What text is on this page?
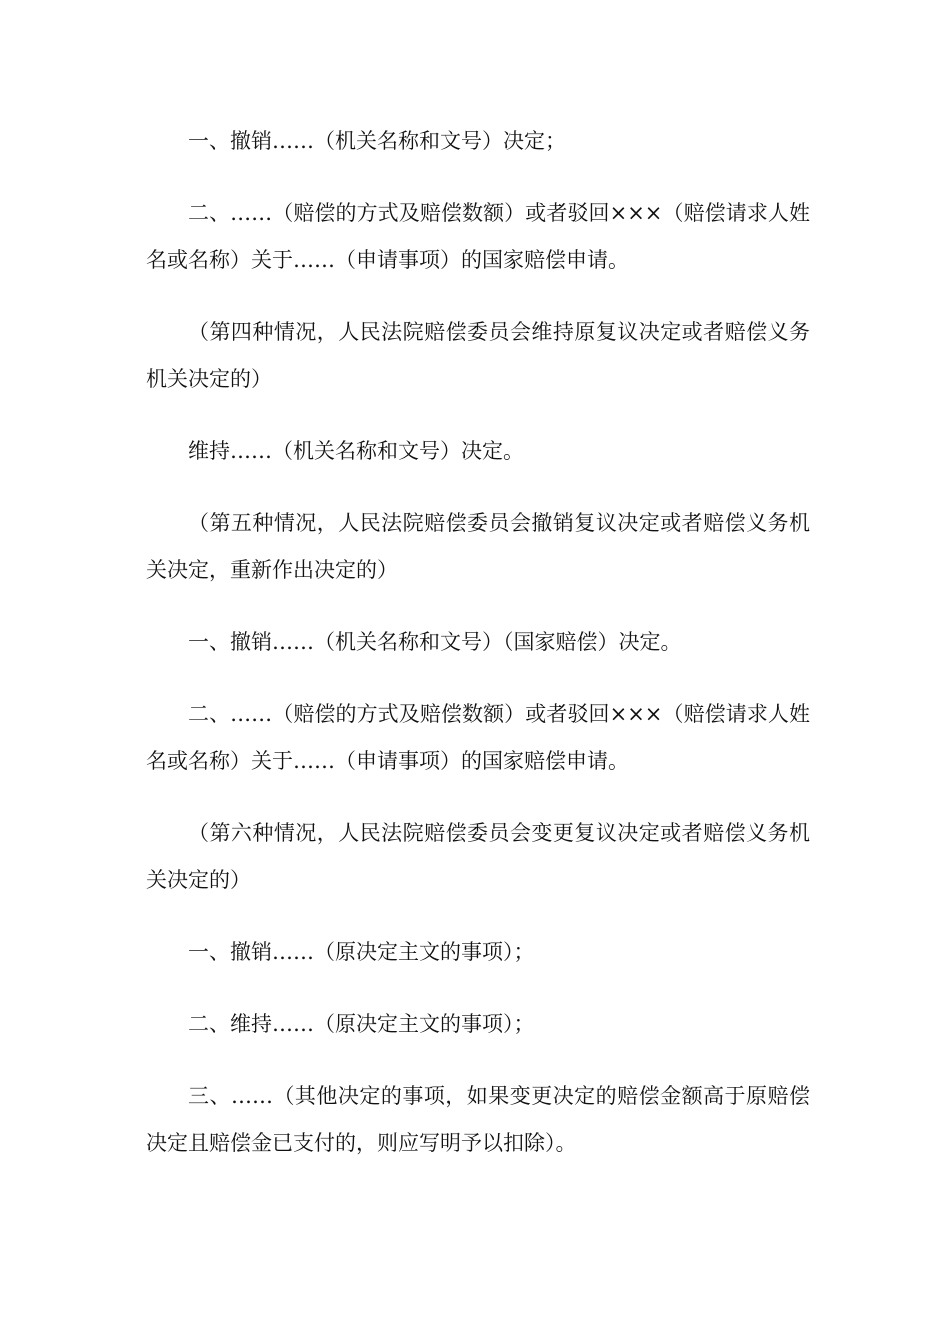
一、撤销……（机关名称和文号）决定；

二、……（赔偿的方式及赔偿数额）或者驳回×××（赔偿请求人姓名或名称）关于……（申请事项）的国家赔偿申请。

（第四种情况，人民法院赔偿委员会维持原复议决定或者赔偿义务机关决定的）

维持……（机关名称和文号）决定。

（第五种情况，人民法院赔偿委员会撤销复议决定或者赔偿义务机关决定，重新作出决定的）

一、撤销……（机关名称和文号）（国家赔偿）决定。

二、……（赔偿的方式及赔偿数额）或者驳回×××（赔偿请求人姓名或名称）关于……（申请事项）的国家赔偿申请。

（第六种情况，人民法院赔偿委员会变更复议决定或者赔偿义务机关决定的）

一、撤销……（原决定主文的事项）；

二、维持……（原决定主文的事项）；

三、……（其他决定的事项，如果变更决定的赔偿金额高于原赔偿决定且赔偿金已支付的，则应写明予以扣除）。
